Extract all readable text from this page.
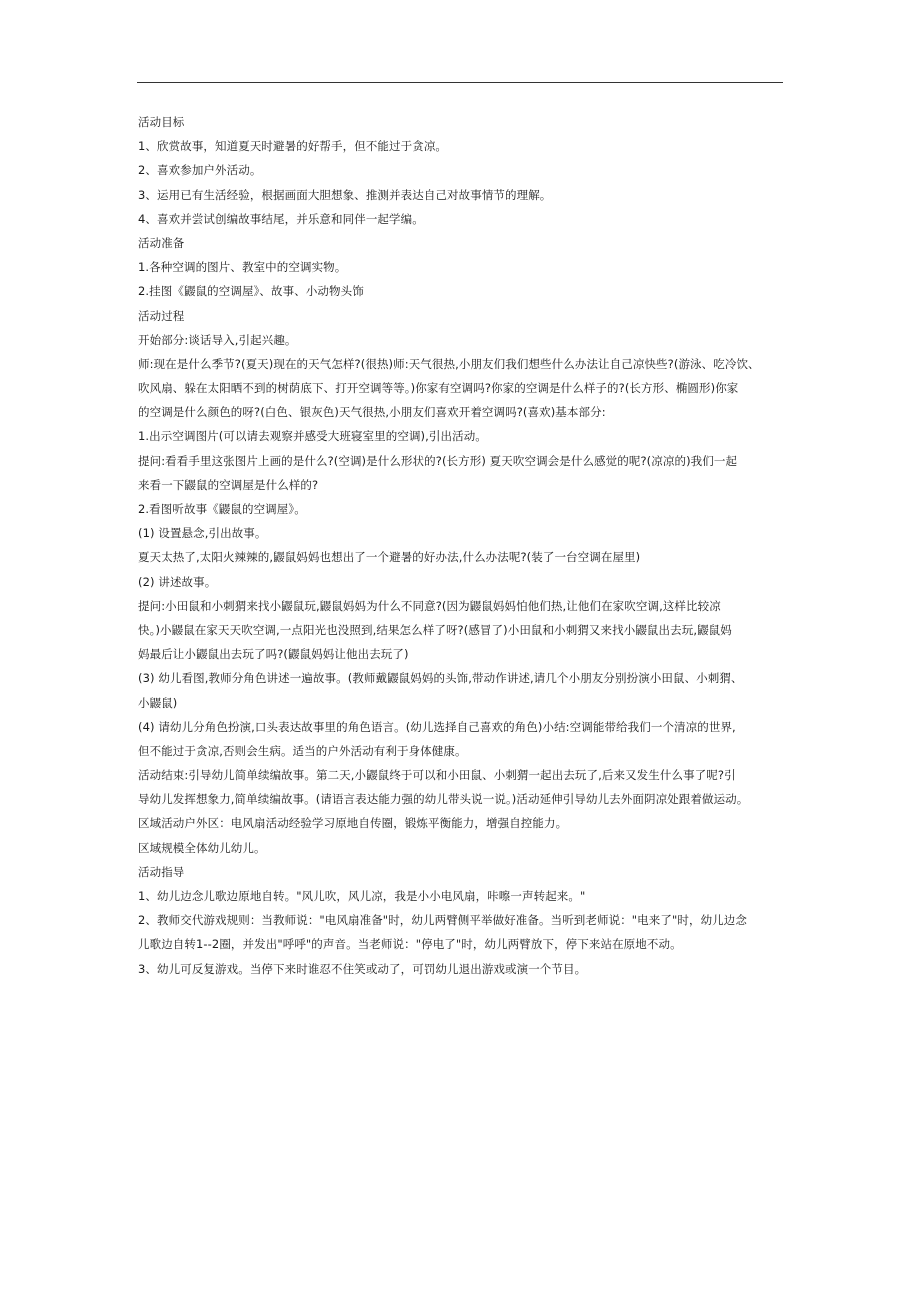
活动目标
1、欣赏故事，知道夏天时避暑的好帮手，但不能过于贪凉。
2、喜欢参加户外活动。
3、运用已有生活经验，根据画面大胆想象、推测并表达自己对故事情节的理解。
4、喜欢并尝试创编故事结尾，并乐意和同伴一起学编。
活动准备
1.各种空调的图片、教室中的空调实物。
2.挂图《鼹鼠的空调屋》、故事、小动物头饰
活动过程
开始部分:谈话导入,引起兴趣。
师:现在是什么季节?(夏天)现在的天气怎样?(很热)师:天气很热,小朋友们我们想些什么办法让自己凉快些?(游泳、吃冷饮、
吹风扇、躲在太阳晒不到的树荫底下、打开空调等等。)你家有空调吗?你家的空调是什么样子的?(长方形、椭圆形)你家
的空调是什么颜色的呀?(白色、银灰色)天气很热,小朋友们喜欢开着空调吗?(喜欢)基本部分:
1.出示空调图片(可以请去观察并感受大班寝室里的空调),引出活动。
提问:看看手里这张图片上画的是什么?(空调)是什么形状的?(长方形) 夏天吹空调会是什么感觉的呢?(凉凉的)我们一起
来看一下鼹鼠的空调屋是什么样的?
2.看图听故事《鼹鼠的空调屋》。
(1) 设置悬念,引出故事。
夏天太热了,太阳火辣辣的,鼹鼠妈妈也想出了一个避暑的好办法,什么办法呢?(装了一台空调在屋里)
(2) 讲述故事。
提问:小田鼠和小刺猬来找小鼹鼠玩,鼹鼠妈妈为什么不同意?(因为鼹鼠妈妈怕他们热,让他们在家吹空调,这样比较凉
快。)小鼹鼠在家天天吹空调,一点阳光也没照到,结果怎么样了呀?(感冒了)小田鼠和小刺猬又来找小鼹鼠出去玩,鼹鼠妈
妈最后让小鼹鼠出去玩了吗?(鼹鼠妈妈让他出去玩了)
(3) 幼儿看图,教师分角色讲述一遍故事。(教师戴鼹鼠妈妈的头饰,带动作讲述,请几个小朋友分别扮演小田鼠、小刺猬、
小鼹鼠)
(4) 请幼儿分角色扮演,口头表达故事里的角色语言。(幼儿选择自己喜欢的角色)小结:空调能带给我们一个清凉的世界,
但不能过于贪凉,否则会生病。适当的户外活动有利于身体健康。
活动结束:引导幼儿简单续编故事。第二天,小鼹鼠终于可以和小田鼠、小刺猬一起出去玩了,后来又发生什么事了呢?引
导幼儿发挥想象力,简单续编故事。(请语言表达能力强的幼儿带头说一说。)活动延伸引导幼儿去外面阴凉处跟着做运动。
区域活动户外区：电风扇活动经验学习原地自传圈，锻炼平衡能力，增强自控能力。
区域规模全体幼儿幼儿。
活动指导
1、幼儿边念儿歌边原地自转。"风儿吹，风儿凉，我是小小电风扇，咔嚓一声转起来。"
2、教师交代游戏规则：当教师说："电风扇准备"时，幼儿两臂侧平举做好准备。当听到老师说："电来了"时，幼儿边念
儿歌边自转1--2圈，并发出"呼呼"的声音。当老师说："停电了"时，幼儿两臂放下，停下来站在原地不动。
3、幼儿可反复游戏。当停下来时谁忍不住笑或动了，可罚幼儿退出游戏或演一个节目。
